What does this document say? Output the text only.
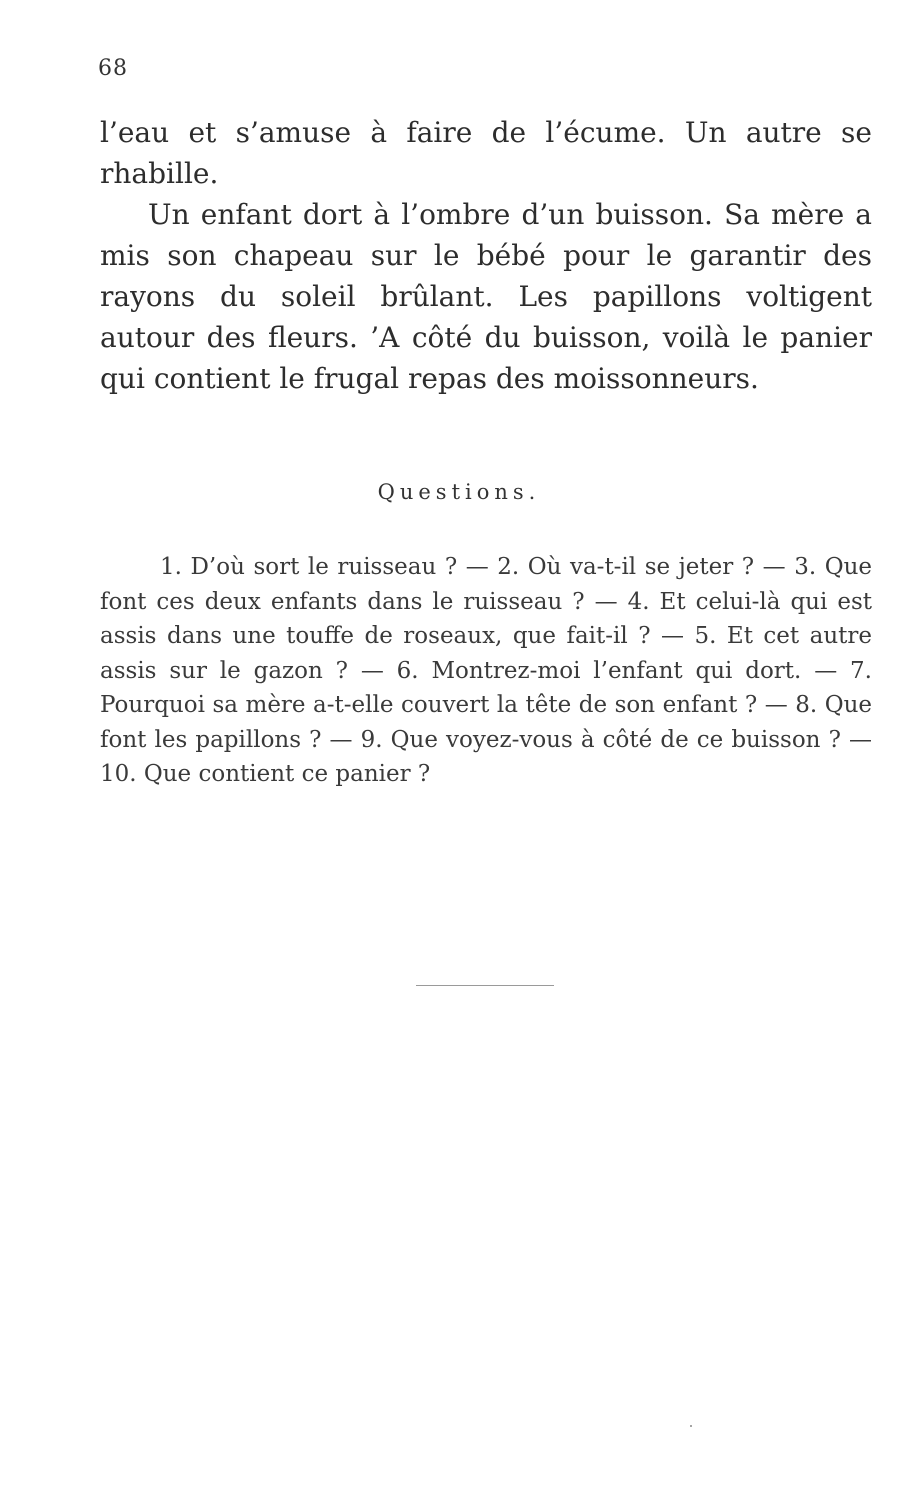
68

l’eau et s’amuse à faire de l’écume. Un autre se rhabille.

Un enfant dort à l’ombre d’un buisson. Sa mère a mis son chapeau sur le bébé pour le garantir des rayons du soleil brûlant. Les papillons voltigent autour des fleurs. ’A côté du buisson, voilà le panier qui contient le frugal repas des moissonneurs.

Questions.

1. D’où sort le ruisseau ? — 2. Où va-t-il se jeter ? — 3. Que font ces deux enfants dans le ruisseau ? — 4. Et celui-là qui est assis dans une touffe de roseaux, que fait-il ? — 5. Et cet autre assis sur le gazon ? — 6. Montrez-moi l’enfant qui dort. — 7. Pourquoi sa mère a-t-elle couvert la tête de son enfant ? — 8. Que font les papillons ? — 9. Que voyez-vous à côté de ce buisson ? — 10. Que contient ce panier ?
